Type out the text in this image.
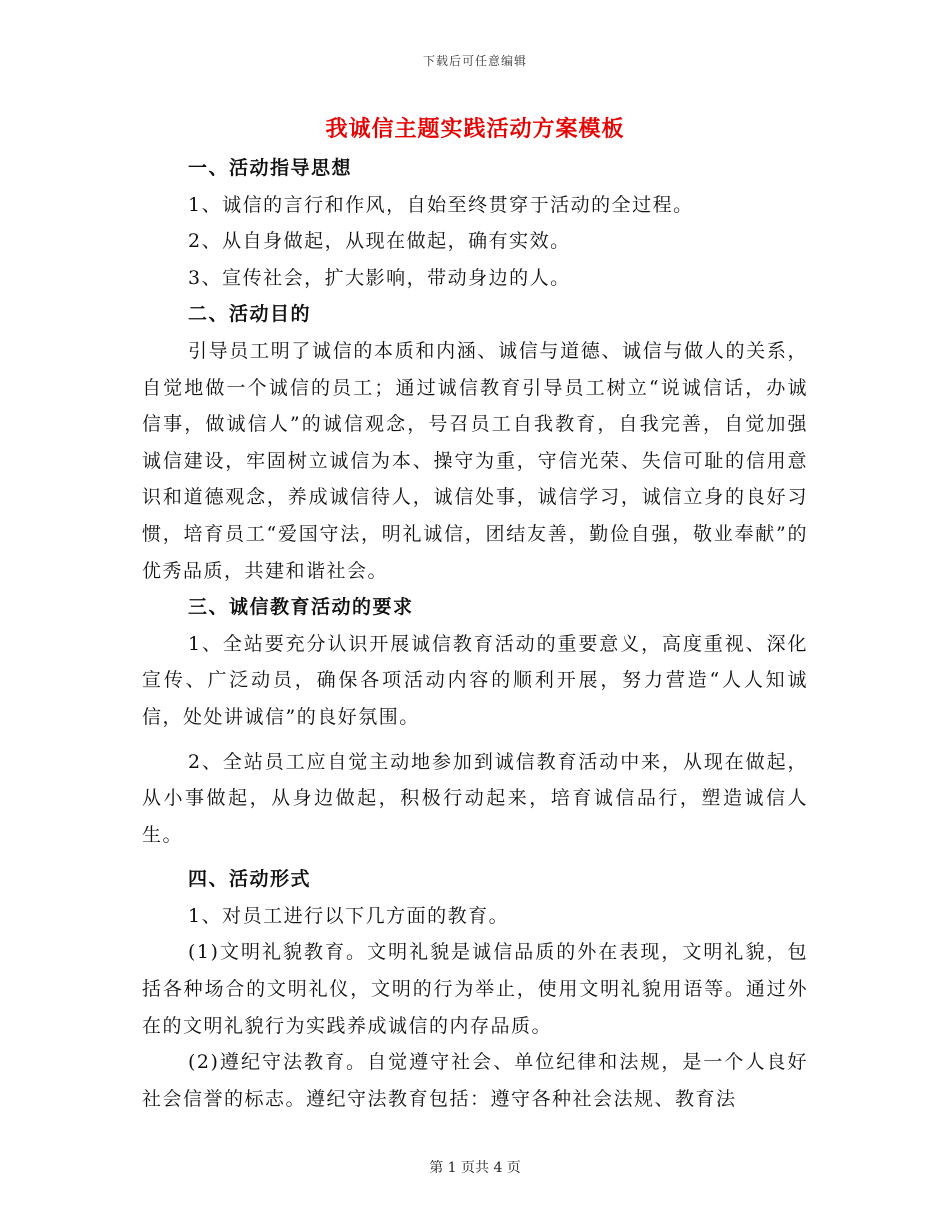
下载后可任意编辑
我诚信主题实践活动方案模板

一、活动指导思想

1、诚信的言行和作风，自始至终贯穿于活动的全过程。

2、从自身做起，从现在做起，确有实效。

3、宣传社会，扩大影响，带动身边的人。

二、活动目的

引导员工明了诚信的本质和内涵、诚信与道德、诚信与做人的关系，自觉地做一个诚信的员工；通过诚信教育引导员工树立“说诚信话，办诚信事，做诚信人”的诚信观念，号召员工自我教育，自我完善，自觉加强诚信建设，牢固树立诚信为本、操守为重，守信光荣、失信可耻的信用意识和道德观念，养成诚信待人，诚信处事，诚信学习，诚信立身的良好习惯，培育员工“爱国守法，明礼诚信，团结友善，勤俭自强，敬业奉献”的优秀品质，共建和谐社会。

三、诚信教育活动的要求

1、全站要充分认识开展诚信教育活动的重要意义，高度重视、深化宣传、广泛动员，确保各项活动内容的顺利开展，努力营造“人人知诚信，处处讲诚信”的良好氛围。

2、全站员工应自觉主动地参加到诚信教育活动中来，从现在做起，从小事做起，从身边做起，积极行动起来，培育诚信品行，塑造诚信人生。

四、活动形式

1、对员工进行以下几方面的教育。

(1)文明礼貌教育。文明礼貌是诚信品质的外在表现，文明礼貌，包括各种场合的文明礼仪，文明的行为举止，使用文明礼貌用语等。通过外在的文明礼貌行为实践养成诚信的内存品质。

(2)遵纪守法教育。自觉遵守社会、单位纪律和法规，是一个人良好社会信誉的标志。遵纪守法教育包括：遵守各种社会法规、教育法

第 1 页共 4 页
